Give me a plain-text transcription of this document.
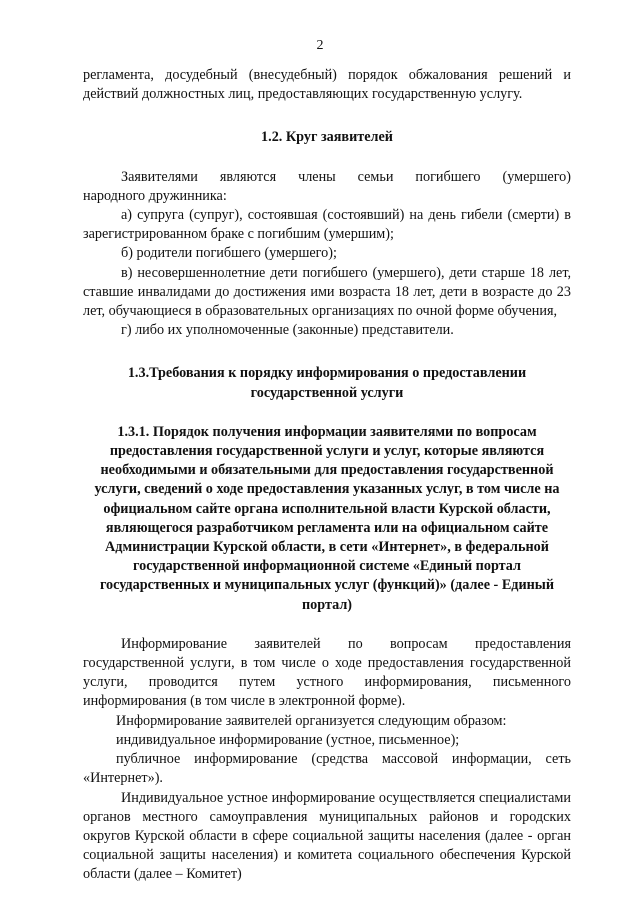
2

регламента, досудебный (внесудебный) порядок обжалования решений и

действий должностных лиц, предоставляющих государственную услугу.

1.2. Круг заявителей

Заявителями являются члены семьи погибшего (умершего)

народного дружинника:

а) супруга (супруг), состоявшая (состоявший) на день гибели (смерти) в зарегистрированном браке с погибшим (умершим);

б) родители погибшего (умершего);

в) несовершеннолетние дети погибшего (умершего), дети старше 18 лет, ставшие инвалидами до достижения ими возраста 18 лет, дети в возрасте до 23 лет, обучающиеся в образовательных организациях по очной форме обучения,

г) либо их уполномоченные (законные) представители.

1.3.Требования к порядку информирования о предоставлении

государственной услуги

1.3.1. Порядок получения информации заявителями по вопросам предоставления государственной услуги и услуг, которые являются необходимыми и обязательными для предоставления государственной услуги, сведений о ходе предоставления указанных услуг, в том числе на официальном сайте органа исполнительной власти Курской области, являющегося разработчиком регламента или на официальном сайте Администрации Курской области, в сети «Интернет», в федеральной государственной информационной системе «Единый портал государственных и муниципальных услуг (функций)» (далее - Единый портал)

Информирование заявителей по вопросам предоставления государственной услуги, в том числе о ходе предоставления государственной услуги, проводится путем устного информирования, письменного информирования (в том числе в электронной форме).

Информирование заявителей организуется следующим образом:

индивидуальное информирование (устное, письменное);

публичное информирование (средства массовой информации, сеть «Интернет»).

Индивидуальное устное информирование осуществляется специалистами органов местного самоуправления муниципальных районов и городских округов Курской области в сфере социальной защиты населения (далее - орган социальной защиты населения) и комитета социального обеспечения Курской области (далее – Комитет)
